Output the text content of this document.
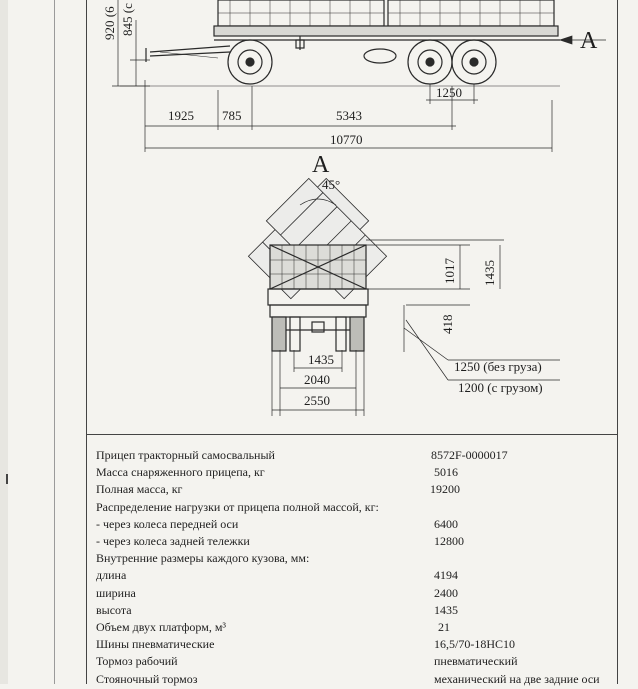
920 (6 845 (c
1925 785	5343
1250
10770
A
A
45°
1017 1435
418
1435
2040
2550
1250 (без груза)
1200 (с грузом)
Прицеп тракторный самосвальный	8572F-0000017
Масса снаряженного прицепа, кг	5016
Полная масса, кг	19200
Распределение нагрузки от прицепа полной массой, кг:
- через колеса передней оси	6400
- через колеса задней тележки	12800
Внутренние размеры каждого кузова, мм:
длина	4194
ширина	2400
высота	1435
Объем двух платформ, м³	21
Шины пневматические	16,5/70-18НС10
Тормоз рабочий	пневматический
Стояночный тормоз	механический на две задние оси
